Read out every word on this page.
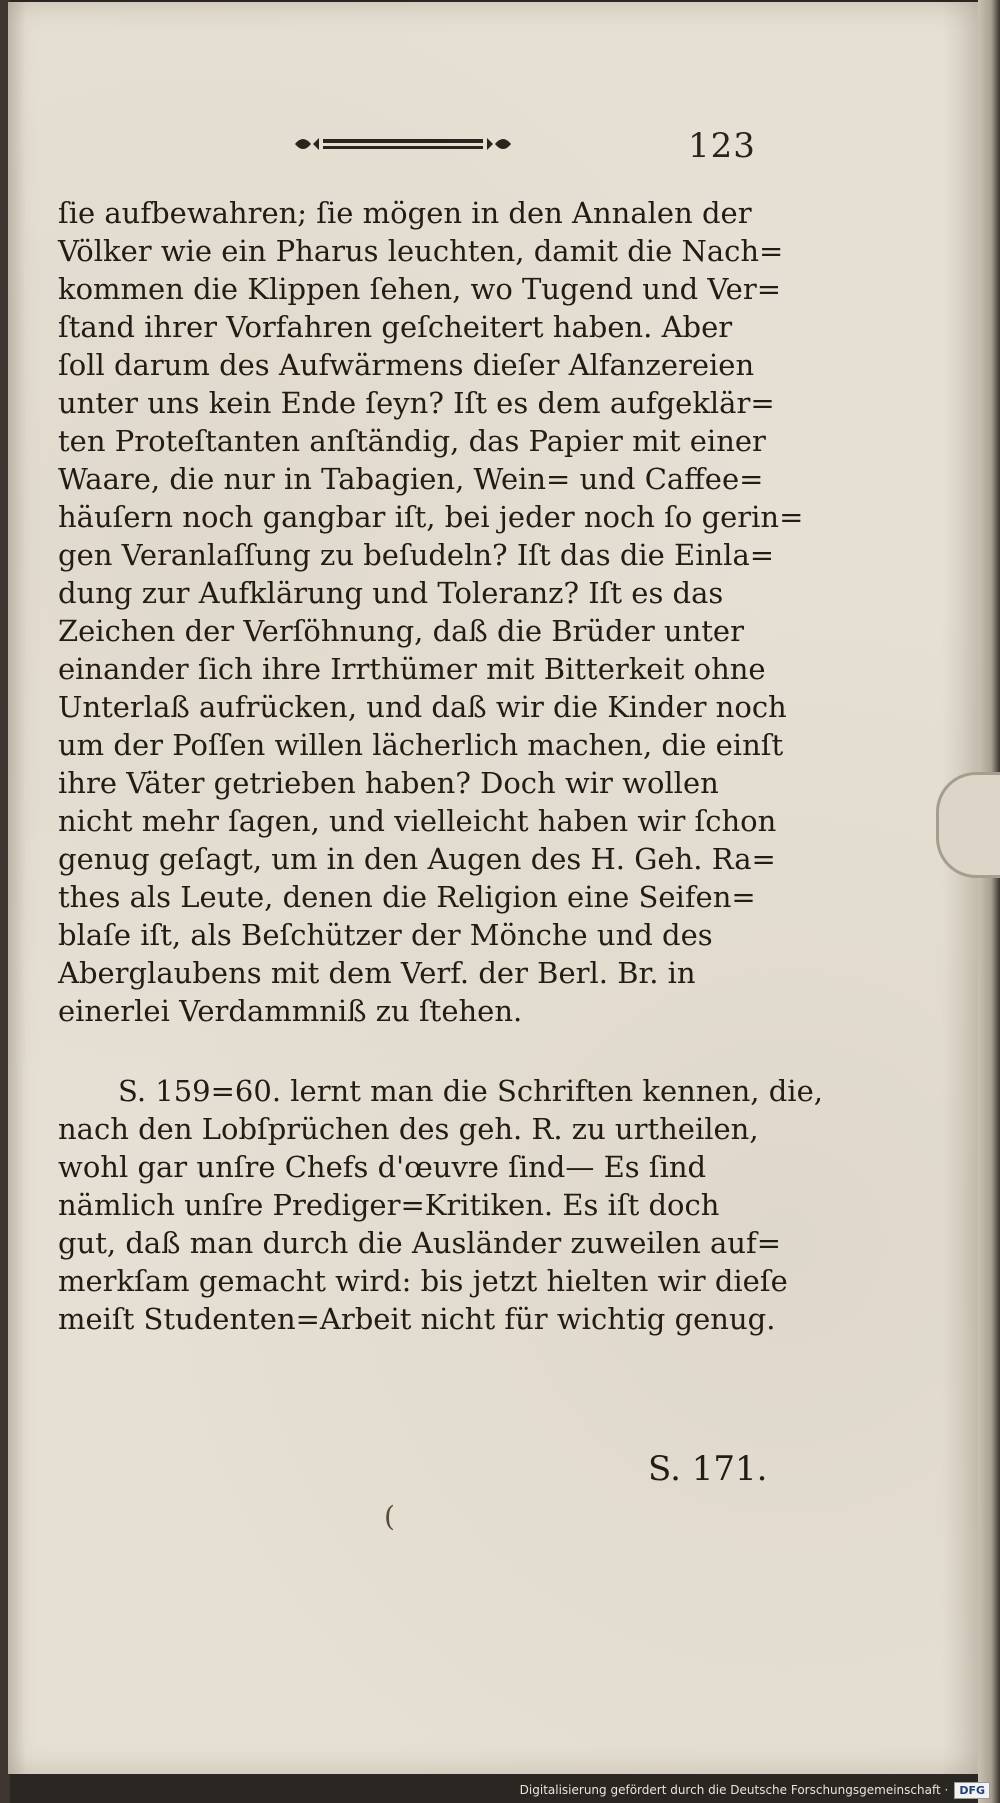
123
ſie aufbewahren; ſie mögen in den Annalen der
Völker wie ein Pharus leuchten, damit die Nach=
kommen die Klippen ſehen, wo Tugend und Ver=
ſtand ihrer Vorfahren geſcheitert haben. Aber
ſoll darum des Aufwärmens dieſer Alfanzereien
unter uns kein Ende ſeyn? Iſt es dem aufgeklär=
ten Proteſtanten anſtändig, das Papier mit einer
Waare, die nur in Tabagien, Wein= und Caffee=
häuſern noch gangbar iſt, bei jeder noch ſo gerin=
gen Veranlaſſung zu beſudeln? Iſt das die Einla=
dung zur Aufklärung und Toleranz? Iſt es das
Zeichen der Verſöhnung, daß die Brüder unter
einander ſich ihre Irrthümer mit Bitterkeit ohne
Unterlaß aufrücken, und daß wir die Kinder noch
um der Poſſen willen lächerlich machen, die einſt
ihre Väter getrieben haben? Doch wir wollen
nicht mehr ſagen, und vielleicht haben wir ſchon
genug geſagt, um in den Augen des H. Geh. Ra=
thes als Leute, denen die Religion eine Seifen=
blaſe iſt, als Beſchützer der Mönche und des
Aberglaubens mit dem Verf. der Berl. Br. in
einerlei Verdammniß zu ſtehen.
S. 159=60. lernt man die Schriften kennen, die,
nach den Lobſprüchen des geh. R. zu urtheilen,
wohl gar unſre Chefs d'œuvre ſind— Es ſind
nämlich unſre Prediger=Kritiken. Es iſt doch
gut, daß man durch die Ausländer zuweilen auf=
merkſam gemacht wird: bis jetzt hielten wir dieſe
meiſt Studenten=Arbeit nicht für wichtig genug.
S. 171.
(
Digitalisierung gefördert durch die Deutsche Forschungsgemeinschaft ·	DFG
